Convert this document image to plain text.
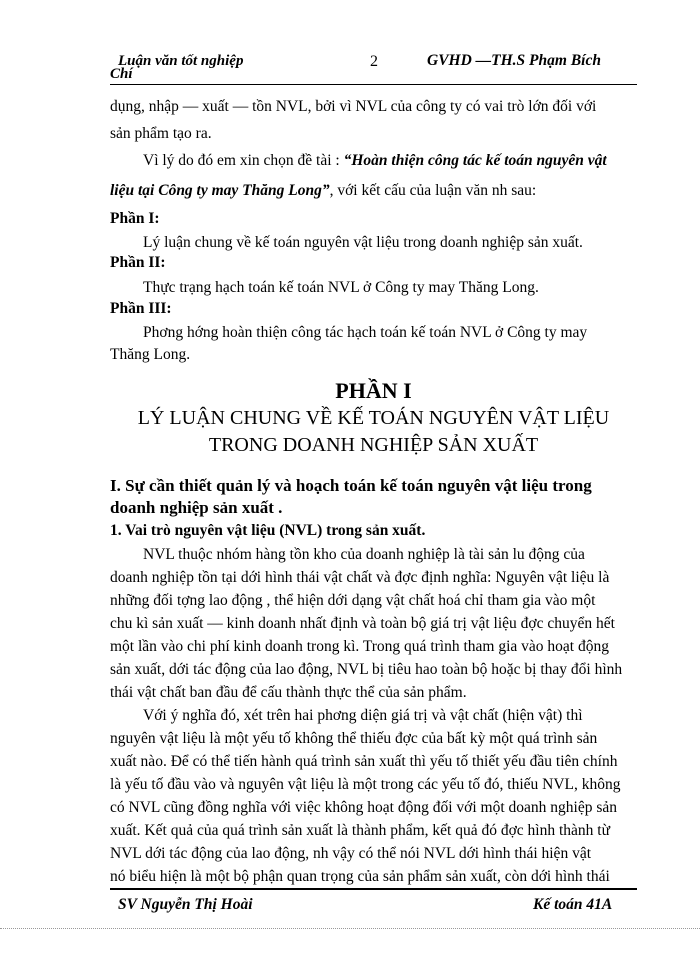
Luận văn tốt nghiệp
Chí
2	GVHD —TH.S Phạm Bích
dụng, nhập — xuất — tồn NVL, bởi vì NVL của công ty có vai trò lớn đối với
sản phẩm tạo ra.
Vì lý do đó em xin chọn đề tài : “Hoàn thiện công tác kế toán nguyên vật
liệu tại Công ty may Thăng Long”, với kết cấu của luận văn nh sau:
Phần I:
Lý luận chung về kế toán nguyên vật liệu trong doanh nghiệp sản xuất.
Phần II:
Thực trạng hạch toán kế toán NVL ở Công ty may Thăng Long.
Phần III:
Phơng hớng hoàn thiện công tác hạch toán kế toán NVL ở Công ty may
Thăng Long.
PHẦN I
LÝ LUẬN CHUNG VỀ KẾ TOÁN NGUYÊN VẬT LIỆU
TRONG DOANH NGHIỆP SẢN XUẤT
I. Sự cần thiết quản lý và hoạch toán kế toán nguyên vật liệu trong
doanh nghiệp sản xuất .
1. Vai trò nguyên vật liệu (NVL) trong sản xuất.
NVL thuộc nhóm hàng tồn kho của doanh nghiệp là tài sản lu động của
doanh nghiệp tồn tại dới hình thái vật chất và đợc định nghĩa: Nguyên vật liệu là
những đối tợng lao động , thể hiện dới dạng vật chất hoá chỉ tham gia vào một
chu kì sản xuất — kinh doanh nhất định và toàn bộ giá trị vật liệu đợc chuyển hết
một lần vào chi phí kinh doanh trong kì. Trong quá trình tham gia vào hoạt động
sản xuất, dới tác động của lao động, NVL bị tiêu hao toàn bộ hoặc bị thay đổi hình
thái vật chất ban đầu để cấu thành thực thể của sản phẩm.
Với ý nghĩa đó, xét trên hai phơng diện giá trị và vật chất (hiện vật) thì
nguyên vật liệu là một yếu tố không thể thiếu đợc của bất kỳ một quá trình sản
xuất nào. Để có thể tiến hành quá trình sản xuất thì yếu tố thiết yếu đầu tiên chính
là yếu tố đầu vào và nguyên vật liệu là một trong các yếu tố đó, thiếu NVL, không
có NVL cũng đồng nghĩa với việc không hoạt động đối với một doanh nghiệp sản
xuất. Kết quả của quá trình sản xuất là thành phẩm, kết quả đó đợc hình thành từ
NVL dới tác động của lao động, nh vậy có thể nói NVL dới hình thái hiện vật
nó biểu hiện là một bộ phận quan trọng của sản phẩm sản xuất, còn dới hình thái
SV Nguyễn Thị Hoài	Kế toán 41A
